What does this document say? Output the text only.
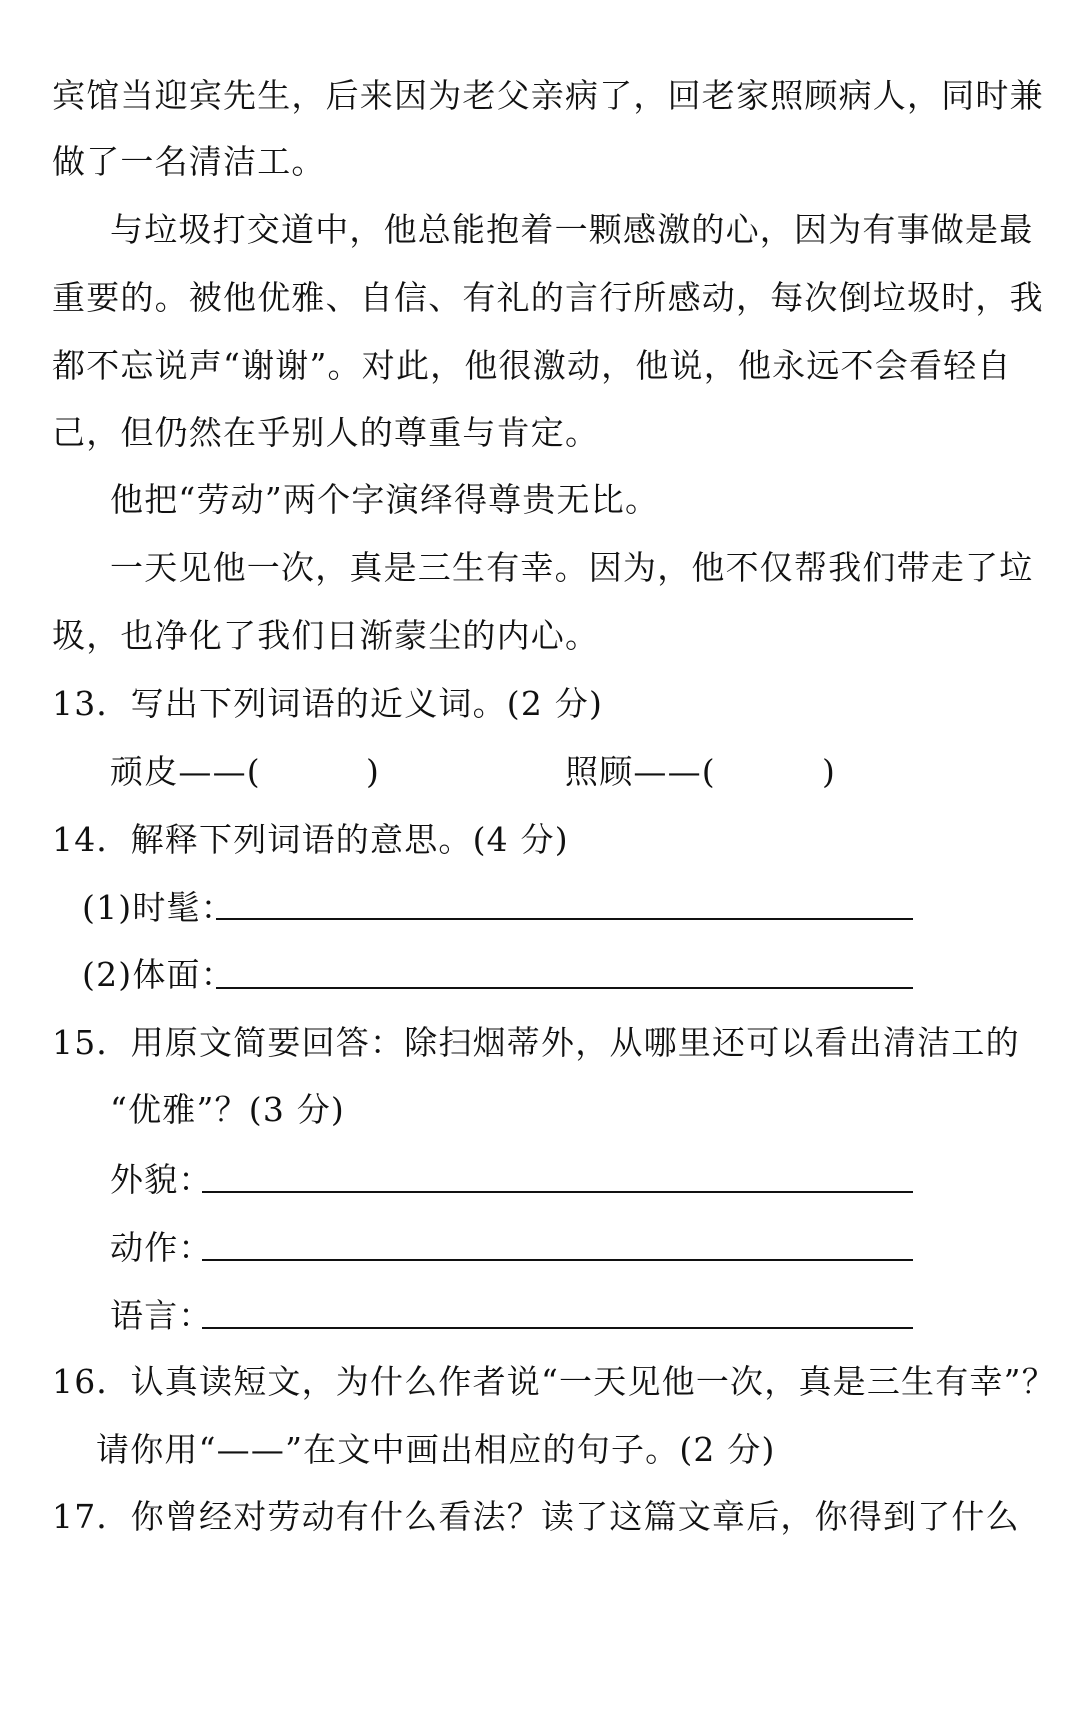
宾馆当迎宾先生，后来因为老父亲病了，回老家照顾病人，同时兼
做了一名清洁工。
与垃圾打交道中，他总能抱着一颗感激的心，因为有事做是最
重要的。被他优雅、自信、有礼的言行所感动，每次倒垃圾时，我
都不忘说声“谢谢”。对此，他很激动，他说，他永远不会看轻自
己，但仍然在乎别人的尊重与肯定。
他把“劳动”两个字演绎得尊贵无比。
一天见他一次，真是三生有幸。因为，他不仅帮我们带走了垃
圾，也净化了我们日渐蒙尘的内心。
13．写出下列词语的近义词。(2 分)
顽皮——(	)	照顾——(	)
14．解释下列词语的意思。(4 分)
(1)时髦：
(2)体面：
15．用原文简要回答：除扫烟蒂外，从哪里还可以看出清洁工的
“优雅”？(3 分)
外貌：
动作：
语言：
16．认真读短文，为什么作者说“一天见他一次，真是三生有幸”？
请你用“——”在文中画出相应的句子。(2 分)
17．你曾经对劳动有什么看法？读了这篇文章后，你得到了什么
